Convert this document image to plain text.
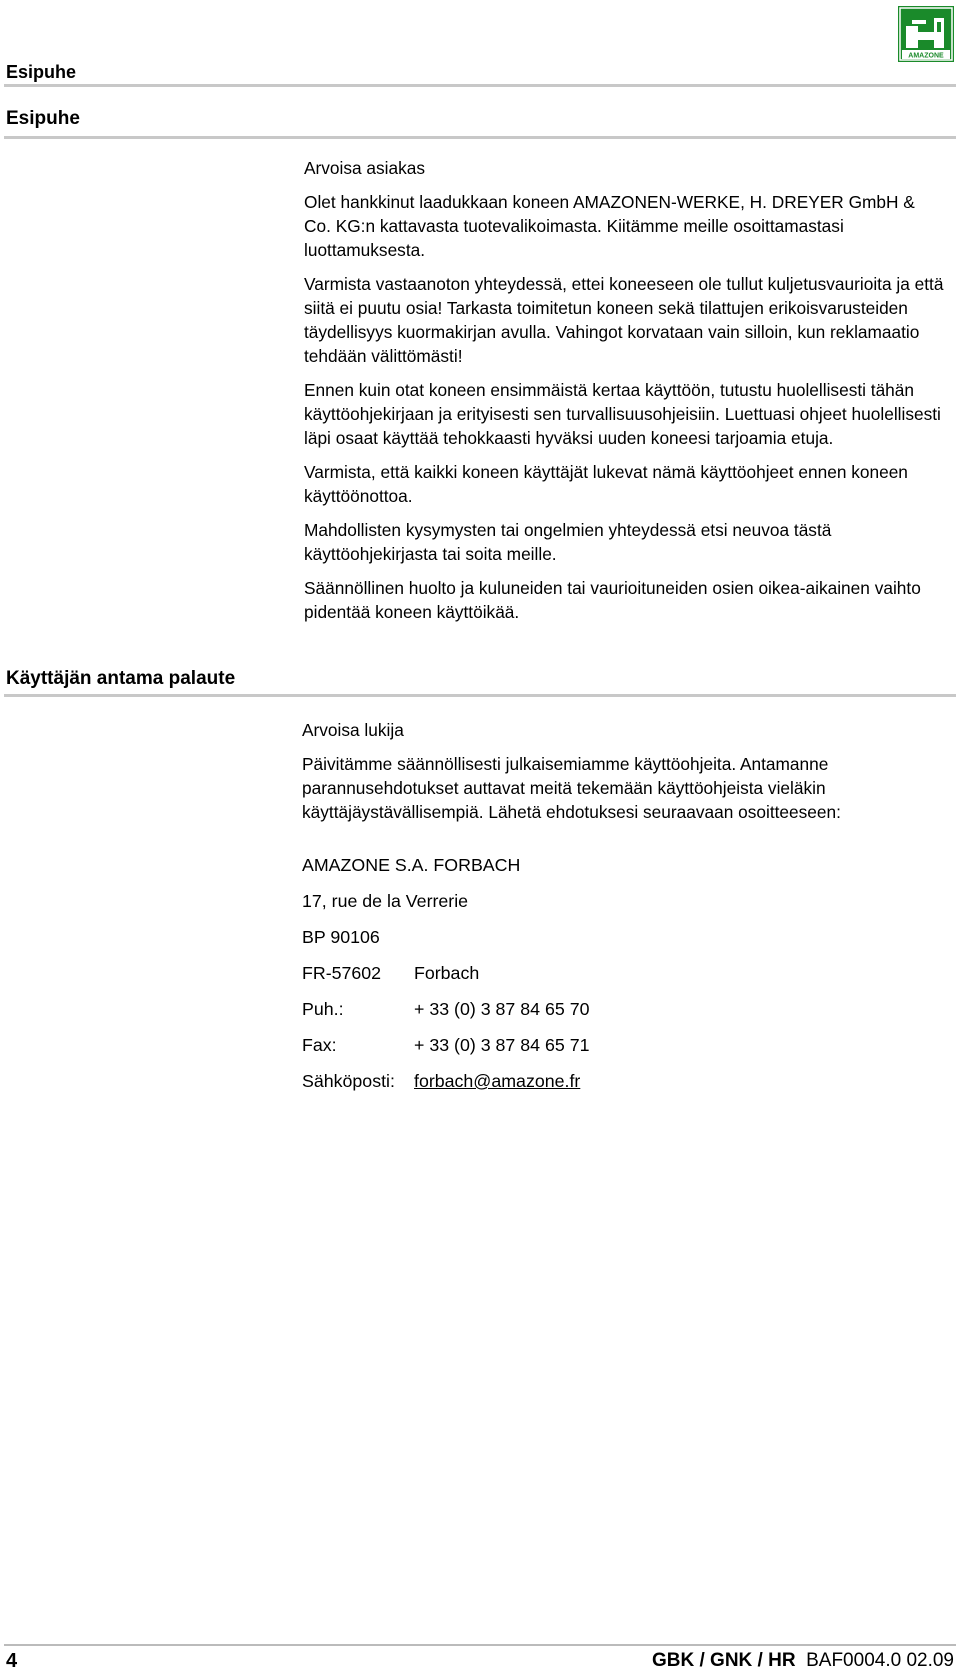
AMAZONE
Esipuhe
Esipuhe

Arvoisa asiakas

Olet hankkinut laadukkaan koneen AMAZONEN-WERKE, H. DREYER GmbH & Co. KG:n kattavasta tuotevalikoimasta. Kiitämme meille osoittamastasi luottamuksesta.

Varmista vastaanoton yhteydessä, ettei koneeseen ole tullut kuljetusvaurioita ja että siitä ei puutu osia! Tarkasta toimitetun koneen sekä tilattujen erikoisvarusteiden täydellisyys kuormakirjan avulla. Vahingot korvataan vain silloin, kun reklamaatio tehdään välittömästi!

Ennen kuin otat koneen ensimmäistä kertaa käyttöön, tutustu huolellisesti tähän käyttöohjekirjaan ja erityisesti sen turvallisuusohjeisiin. Luettuasi ohjeet huolellisesti läpi osaat käyttää tehokkaasti hyväksi uuden koneesi tarjoamia etuja.

Varmista, että kaikki koneen käyttäjät lukevat nämä käyttöohjeet ennen koneen käyttöönottoa.

Mahdollisten kysymysten tai ongelmien yhteydessä etsi neuvoa tästä käyttöohjekirjasta tai soita meille.

Säännöllinen huolto ja kuluneiden tai vaurioituneiden osien oikea-aikainen vaihto pidentää koneen käyttöikää.

Käyttäjän antama palaute

Arvoisa lukija

Päivitämme säännöllisesti julkaisemiamme käyttöohjeita. Antamanne parannusehdotukset auttavat meitä tekemään käyttöohjeista vieläkin käyttäjäystävällisempiä. Lähetä ehdotuksesi seuraavaan osoitteeseen:

AMAZONE S.A. FORBACH
17, rue de la Verrerie
BP 90106
FR-57602 Forbach
Puh.:	+ 33 (0) 3 87 84 65 70
Fax:	+ 33 (0) 3 87 84 65 71
Sähköposti: forbach@amazone.fr
4	GBK / GNK / HR BAF0004.0 02.09
